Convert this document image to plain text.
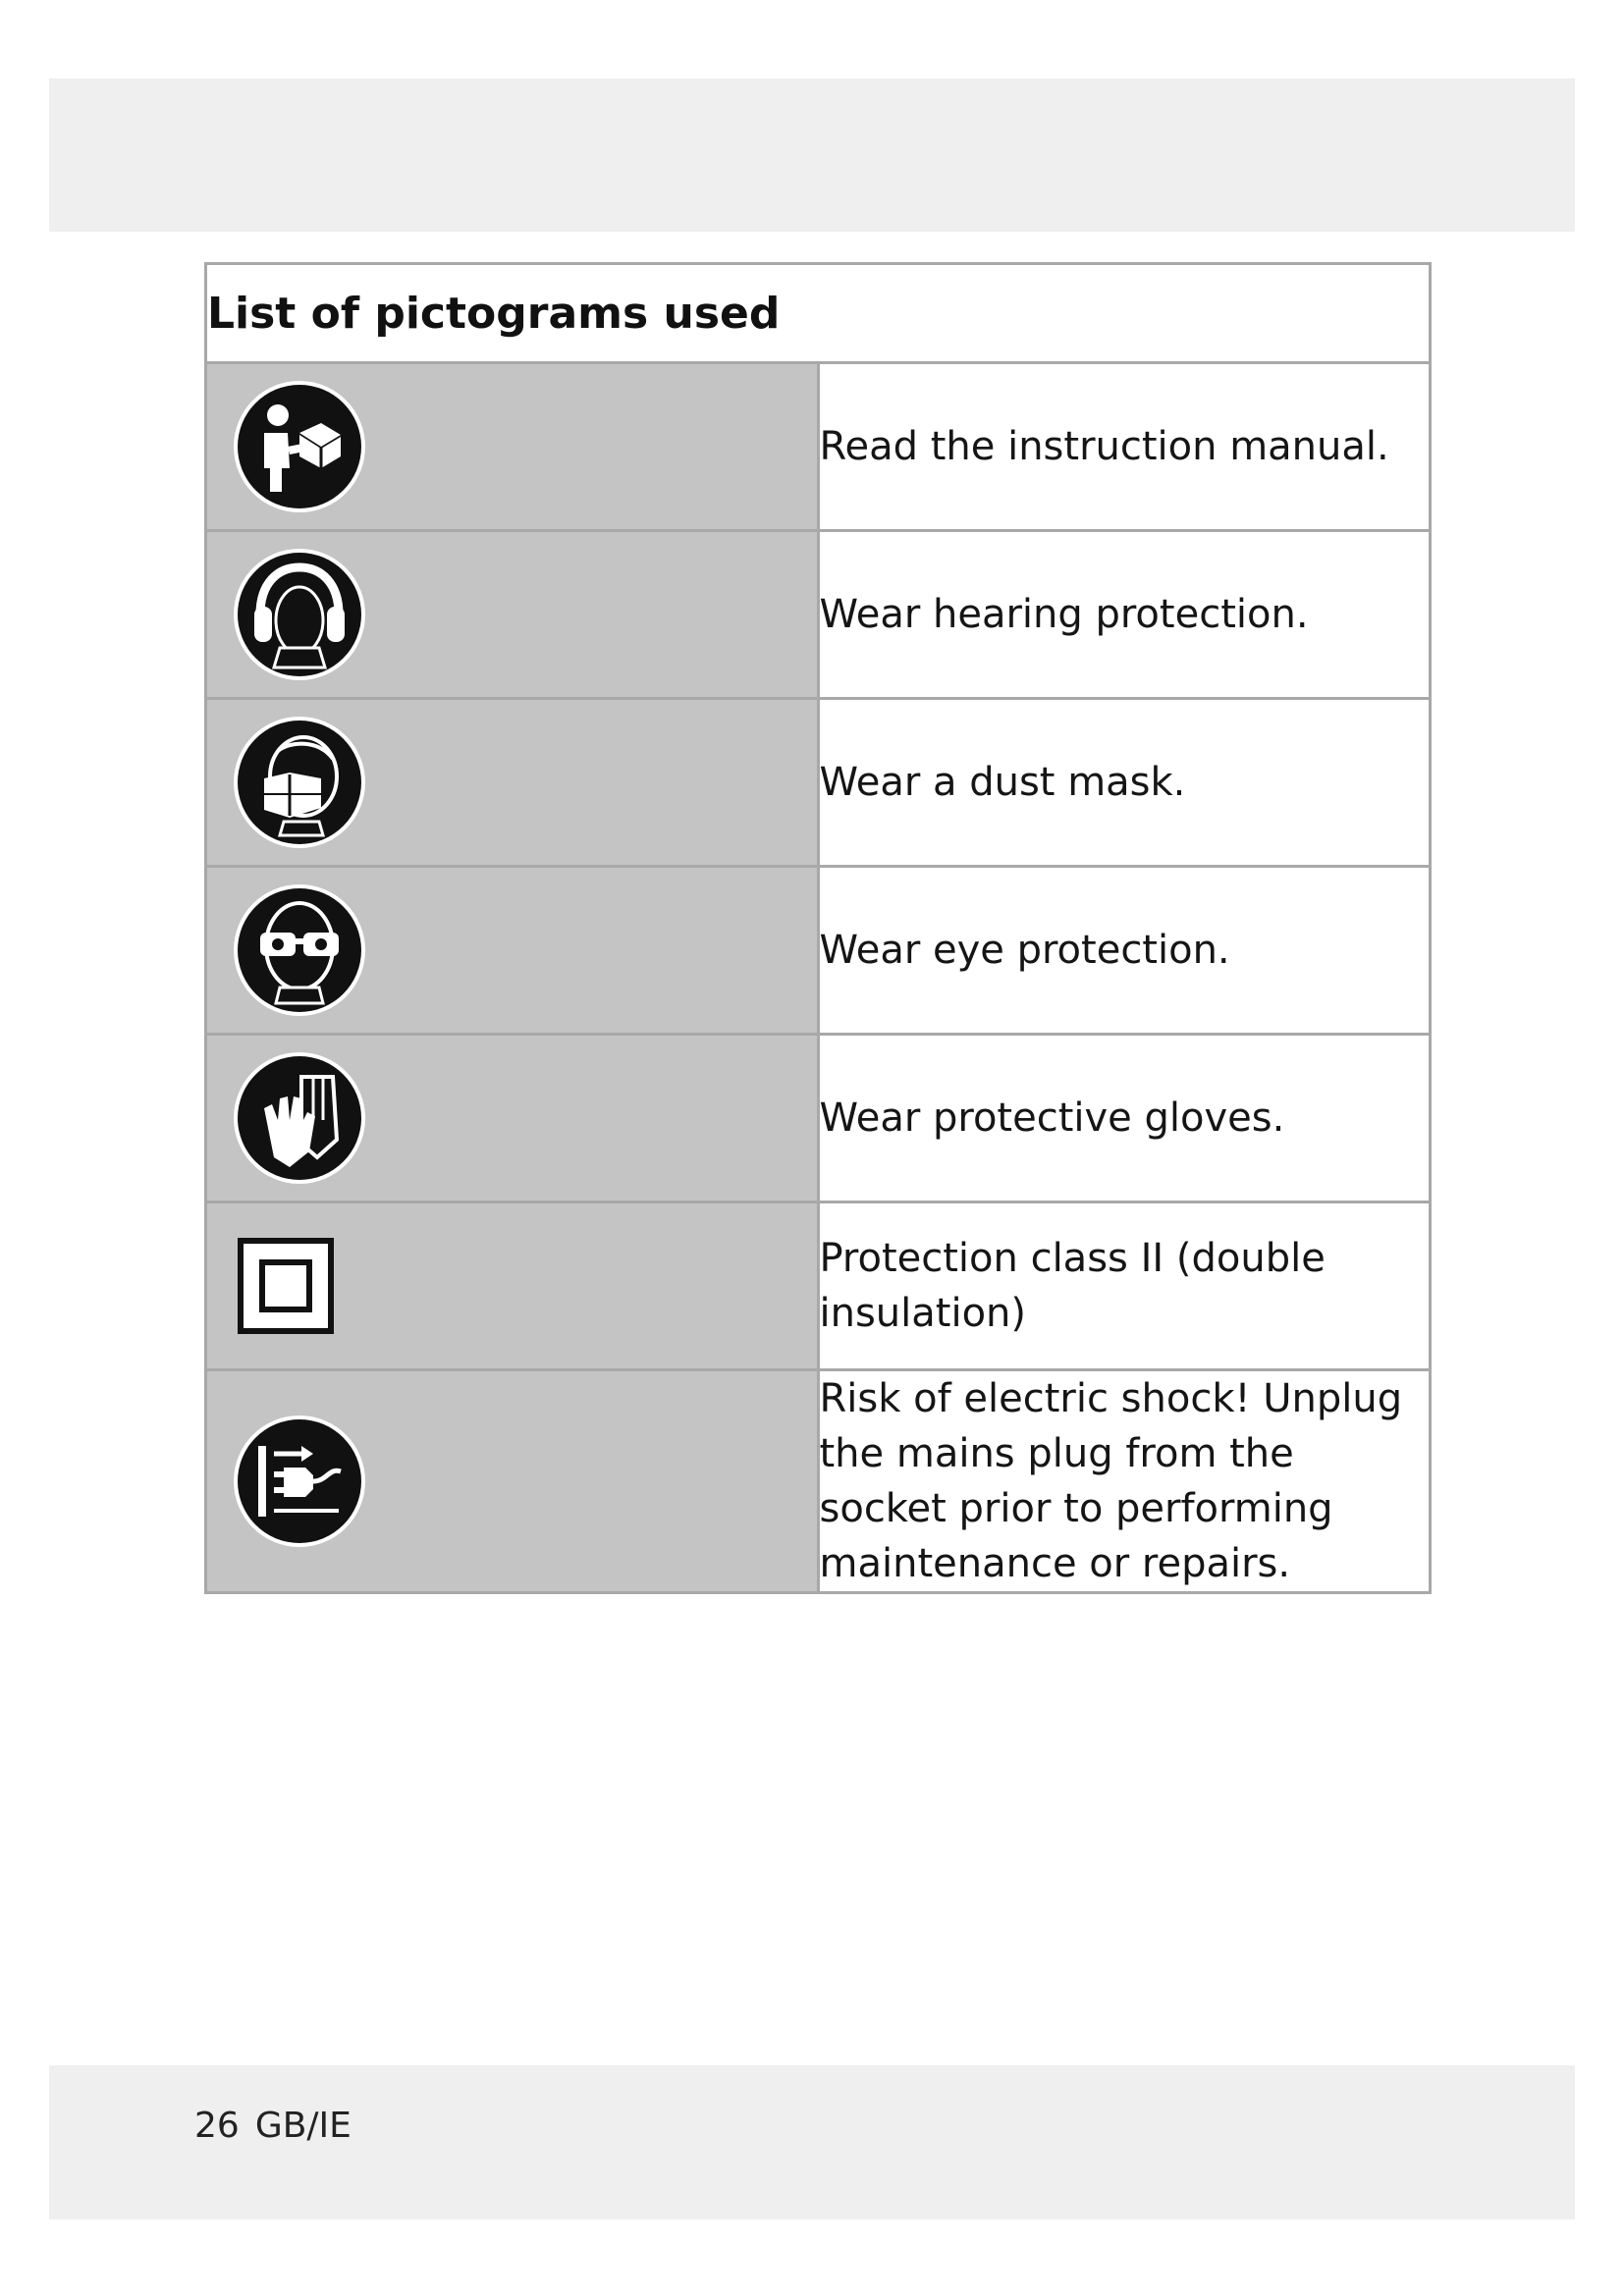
List of pictograms used	

	Read the instruction manual.

	Wear hearing protection.

	Wear a dust mask.

	Wear eye protection.

	Wear protective gloves.

	Protection class II (double insulation)

	Risk of electric shock! Unplug the mains plug from the socket prior to performing maintenance or repairs.
26 GB/IE
